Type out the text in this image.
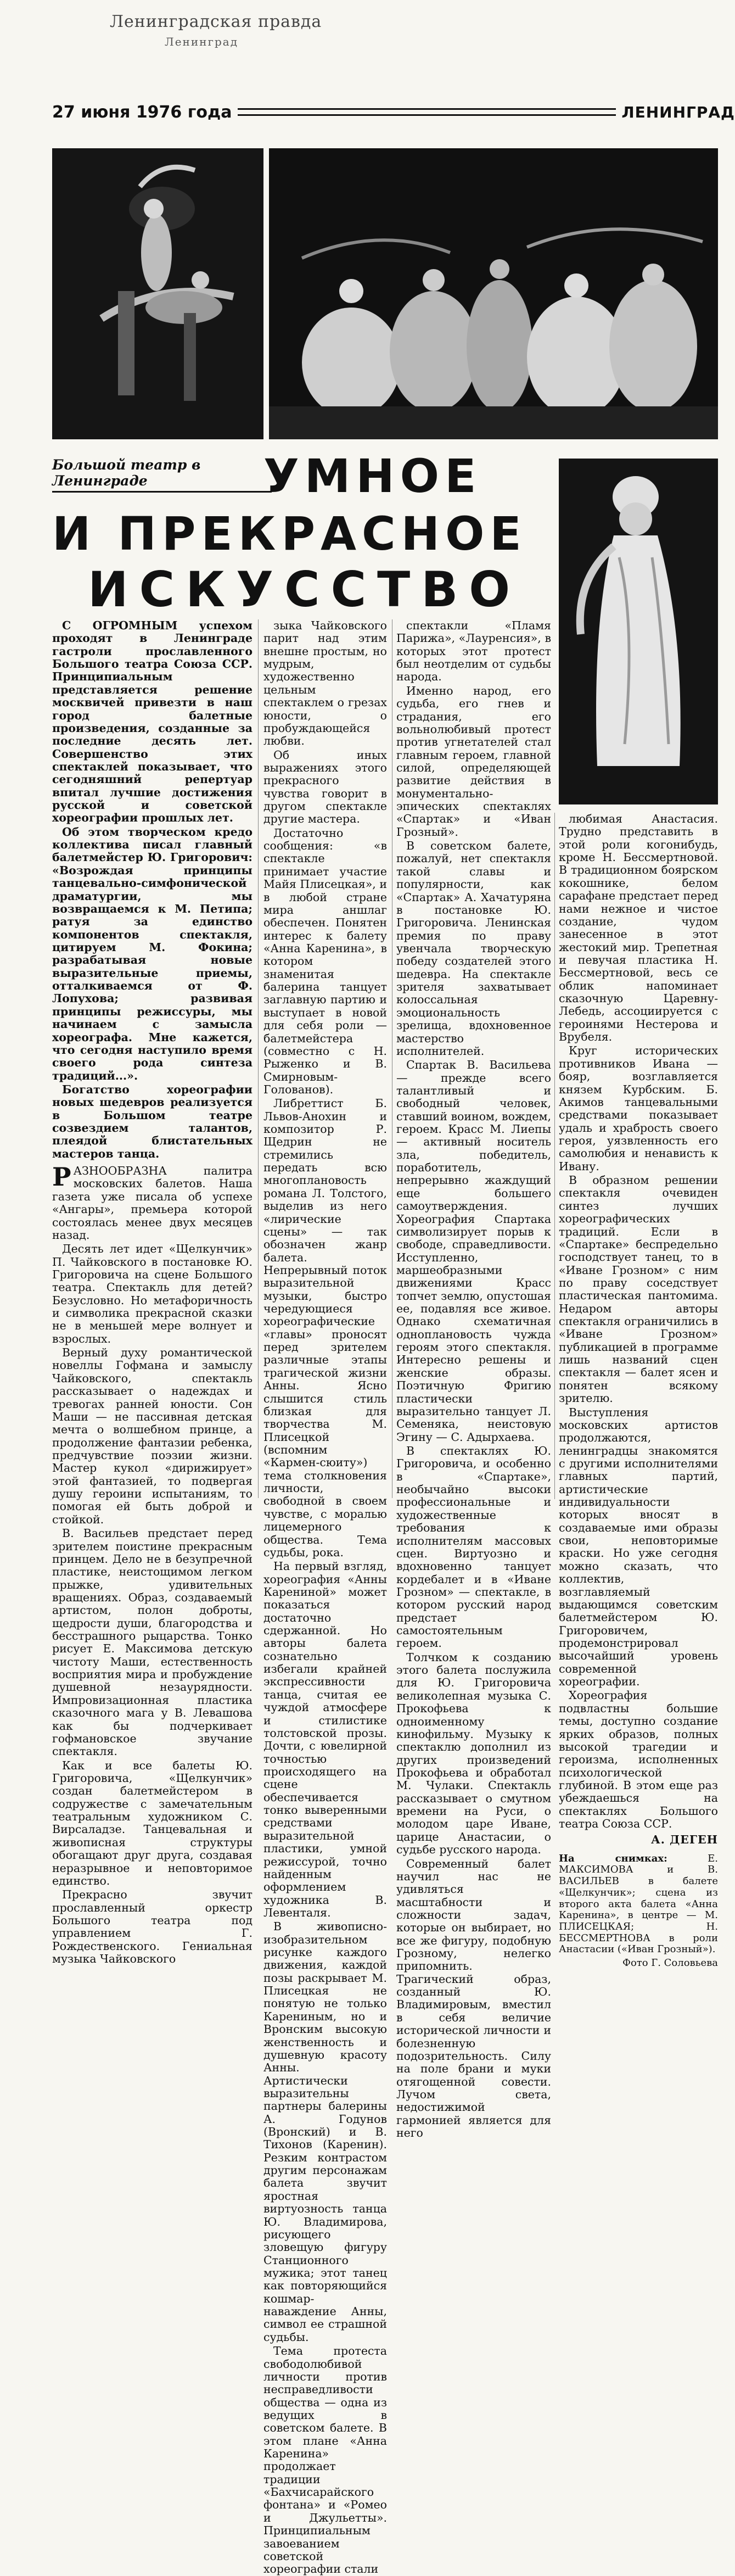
Ленинградская правда
Ленинград
27 июня 1976 года	ЛЕНИНГРАД
Большой театр в Ленинграде	УМНОЕ
И ПРЕКРАСНОЕ
ИСКУССТВО

С ОГРОМНЫМ успехом проходят в Ленинграде гастроли прославленного Большого театра Союза ССР. Принципиальным представляется решение москвичей привезти в наш город балетные произведения, созданные за последние десять лет. Совершенство этих спектаклей показывает, что сегодняшний репертуар впитал лучшие достижения русской и советской хореографии прошлых лет.

Об этом творческом кредо коллектива писал главный балетмейстер Ю. Григорович: «Возрождая принципы танцевально-симфонической драматургии, мы возвращаемся к М. Петипа; ратуя за единство компонентов спектакля, цитируем М. Фокина; разрабатывая новые выразительные приемы, отталкиваемся от Ф. Лопухова; развивая принципы режиссуры, мы начинаем с замысла хореографа. Мне кажется, что сегодня наступило время своего рода синтеза традиций...».

Богатство хореографии новых шедевров реализуется в Большом театре созвездием талантов, плеядой блистательных мастеров танца.

РАЗНООБРАЗНА палитра московских балетов. Наша газета уже писала об успехе «Ангары», премьера которой состоялась менее двух месяцев назад.

Десять лет идет «Щелкунчик» П. Чайковского в постановке Ю. Григоровича на сцене Большого театра. Спектакль для детей? Безусловно. Но метафоричность и символика прекрасной сказки не в меньшей мере волнует и взрослых.

Верный духу романтической новеллы Гофмана и замыслу Чайковского, спектакль рассказывает о надеждах и тревогах ранней юности. Сон Маши — не пассивная детская мечта о волшебном принце, а продолжение фантазии ребенка, предчувствие поэзии жизни. Мастер кукол «дирижирует» этой фантазией, то подвергая душу героини испытаниям, то помогая ей быть доброй и стойкой.

В. Васильев предстает перед зрителем поистине прекрасным принцем. Дело не в безупречной пластике, неистощимом легком прыжке, удивительных вращениях. Образ, создаваемый артистом, полон доброты, щедрости души, благородства и бесстрашного рыцарства. Тонко рисует Е. Максимова детскую чистоту Маши, естественность восприятия мира и пробуждение душевной незаурядности. Импровизационная пластика сказочного мага у В. Левашова как бы подчеркивает гофмановское звучание спектакля.

Как и все балеты Ю. Григоровича, «Щелкунчик» создан балетмейстером в содружестве с замечательным театральным художником С. Вирсаладзе. Танцевальная и живописная структуры обогащают друг друга, создавая неразрывное и неповторимое единство.

Прекрасно звучит прославленный оркестр Большого театра под управлением Г. Рождественского. Гениальная музыка Чайковского

зыка Чайковского парит над этим внешне простым, но мудрым, художественно цельным спектаклем о грезах юности, о пробуждающейся любви.

Об иных выражениях этого прекрасного чувства говорит в другом спектакле другие мастера.

Достаточно сообщения: «в спектакле принимает участие Майя Плисецкая», и в любой стране мира аншлаг обеспечен. Понятен интерес к балету «Анна Каренина», в котором знаменитая балерина танцует заглавную партию и выступает в новой для себя роли — балетмейстера (совместно с Н. Рыженко и В. Смирновым-Голованов).

Либреттист Б. Львов-Анохин и композитор Р. Щедрин не стремились передать всю многоплановость романа Л. Толстого, выделив из него «лирические сцены» — так обозначен жанр балета. Непрерывный поток выразительной музыки, быстро чередующиеся хореографические «главы» проносят перед зрителем различные этапы трагической жизни Анны. Ясно слышится стиль близкая для творчества М. Плисецкой (вспомним «Кармен-сюиту») тема столкновения личности, свободной в своем чувстве, с моралью лицемерного общества. Тема судьбы, рока.

На первый взгляд, хореография «Анны Карениной» может показаться достаточно сдержанной. Но авторы балета сознательно избегали крайней экспрессивности танца, считая ее чуждой атмосфере и стилистике толстовской прозы. Дочти, с ювелирной точностью происходящего на сцене обеспечивается тонко выверенными средствами выразительной пластики, умной режиссурой, точно найденным оформлением художника В. Левенталя.

В живописно-изобразительном рисунке каждого движения, каждой позы раскрывает М. Плисецкая не понятую не только Карениным, но и Вронским высокую женственность и душевную красоту Анны. Артистически выразительны партнеры балерины А. Годунов (Вронский) и В. Тихонов (Каренин). Резким контрастом другим персонажам балета звучит яростная виртуозность танца Ю. Владимирова, рисующего зловещую фигуру Станционного мужика; этот танец как повторяющийся кошмар-наваждение Анны, символ ее страшной судьбы.

Тема протеста свободолюбивой личности против несправедливости общества — одна из ведущих в советском балете. В этом плане «Анна Каренина» продолжает традиции «Бахчисарайского фонтана» и «Ромео и Джульетты». Принципиальным завоеванием советской хореографии стали

спектакли «Пламя Парижа», «Лауренсия», в которых этот протест был неотделим от судьбы народа.

Именно народ, его судьба, его гнев и страдания, его вольнолюбивый протест против угнетателей стал главным героем, главной силой, определяющей развитие действия в монументально-эпических спектаклях «Спартак» и «Иван Грозный».

В советском балете, пожалуй, нет спектакля такой славы и популярности, как «Спартак» А. Хачатуряна в постановке Ю. Григоровича. Ленинская премия по праву увенчала творческую победу создателей этого шедевра. На спектакле зрителя захватывает колоссальная эмоциональность зрелища, вдохновенное мастерство исполнителей.

Спартак В. Васильева — прежде всего талантливый и свободный человек, ставший воином, вождем, героем. Красс М. Лиепы — активный носитель зла, победитель, поработитель, непрерывно жаждущий еще большего самоутверждения. Хореография Спартака символизирует порыв к свободе, справедливости. Исступленно, маршеобразными движениями Красс топчет землю, опустошая ее, подавляя все живое. Однако схематичная одноплановость чужда героям этого спектакля. Интересно решены и женские образы. Поэтичную Фригию пластически выразительно танцует Л. Семеняка, неистовую Эгину — С. Адырхаева.

В спектаклях Ю. Григоровича, и особенно в «Спартаке», необычайно высоки профессиональные и художественные требования к исполнителям массовых сцен. Виртуозно и вдохновенно танцует кордебалет и в «Иване Грозном» — спектакле, в котором русский народ предстает самостоятельным героем.

Толчком к созданию этого балета послужила для Ю. Григоровича великолепная музыка С. Прокофьева к одноименному кинофильму. Музыку к спектаклю дополнил из других произведений Прокофьева и обработал М. Чулаки. Спектакль рассказывает о смутном времени на Руси, о молодом царе Иване, царице Анастасии, о судьбе русского народа.

Современный балет научил нас не удивляться масштабности и сложности задач, которые он выбирает, но все же фигуру, подобную Грозному, нелегко припомнить. Трагический образ, созданный Ю. Владимировым, вместил в себя величие исторической личности и болезненную подозрительность. Силу на поле брани и муки отягощенной совести. Лучом света, недостижимой гармонией является для него

любимая Анастасия. Трудно представить в этой роли когонибудь, кроме Н. Бессмертновой. В традиционном боярском кокошнике, белом сарафане предстает перед нами нежное и чистое создание, чудом занесенное в этот жестокий мир. Трепетная и певучая пластика Н. Бессмертновой, весь се облик напоминает сказочную Царевну-Лебедь, ассоциируется с героинями Нестерова и Врубеля.

Круг исторических противников Ивана — бояр, возглавляется князем Курбским. Б. Акимов танцевальными средствами показывает удаль и храбрость своего героя, уязвленность его самолюбия и ненависть к Ивану.

В образном решении спектакля очевиден синтез лучших хореографических традиций. Если в «Спартаке» беспредельно господствует танец, то в «Иване Грозном» с ним по праву соседствует пластическая пантомима. Недаром авторы спектакля ограничились в «Иване Грозном» публикацией в программе лишь названий сцен спектакля — балет ясен и понятен всякому зрителю.

Выступления московских артистов продолжаются, ленинградцы знакомятся с другими исполнителями главных партий, артистические индивидуальности которых вносят в создаваемые ими образы свои, неповторимые краски. Но уже сегодня можно сказать, что коллектив, возглавляемый выдающимся советским балетмейстером Ю. Григоровичем, продемонстрировал высочайший уровень современной хореографии.

Хореография подвластны большие темы, доступно создание ярких образов, полных высокой трагедии и героизма, исполненных психологической глубиной. В этом еще раз убеждаешься на спектаклях Большого театра Союза ССР.

А. ДЕГЕН
На снимках:	Е. МАКСИМОВА и В. ВАСИЛЬЕВ в балете «Щелкунчик»; сцена из второго акта балета «Анна Каренина», в центре — М. ПЛИСЕЦКАЯ; Н. БЕССМЕРТНОВА в роли Анастасии («Иван Грозный»).
Фото Г. Соловьева
